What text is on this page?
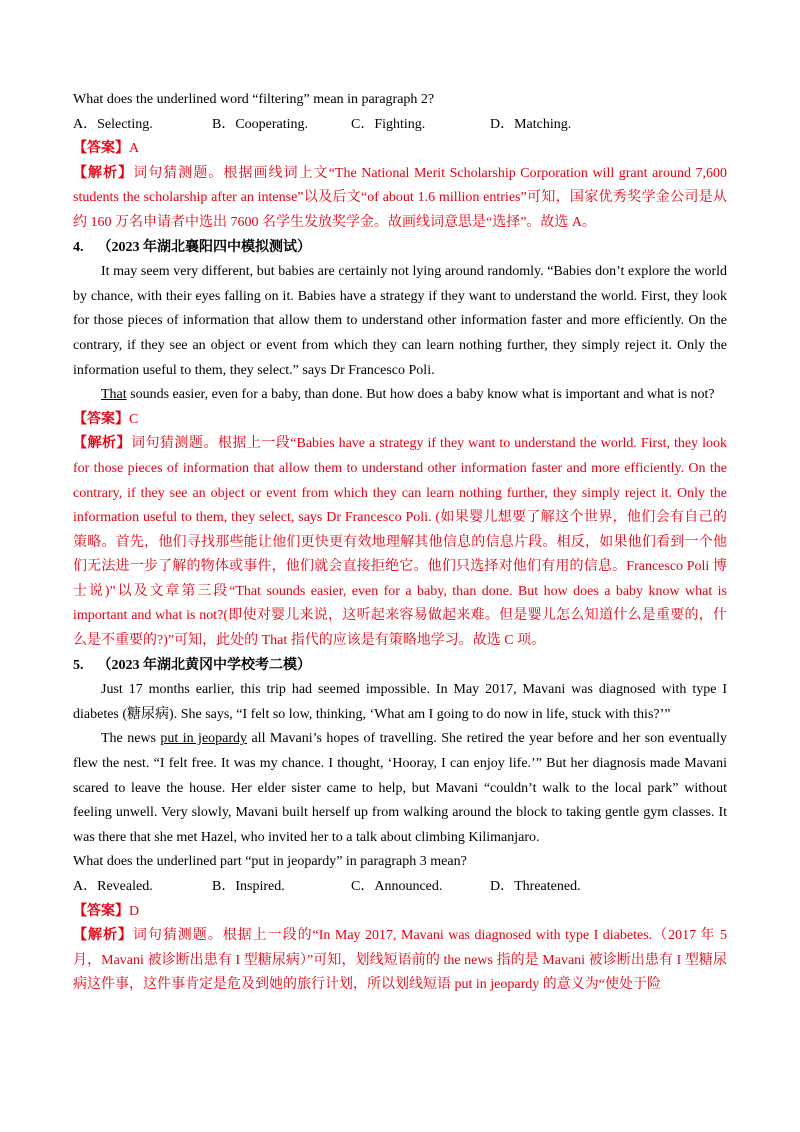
What does the underlined word “filtering” mean in paragraph 2?
A．Selecting.	B．Cooperating.	C．Fighting.	D．Matching.
【答案】A
【解析】词句猜测题。根据画线词上文“The National Merit Scholarship Corporation will grant around 7,600 students the scholarship after an intense”以及后文“of about 1.6 million entries”可知，国家优秀奖学金公司是从约 160 万名申请者中选出 7600 名学生发放奖学金。故画线词意思是“选择”。故选 A。
4. （2023 年湖北襄阳四中模拟测试）
It may seem very different, but babies are certainly not lying around randomly. “Babies don’t explore the world by chance, with their eyes falling on it. Babies have a strategy if they want to understand the world. First, they look for those pieces of information that allow them to understand other information faster and more efficiently. On the contrary, if they see an object or event from which they can learn nothing further, they simply reject it. Only the information useful to them, they select.” says Dr Francesco Poli.
That sounds easier, even for a baby, than done. But how does a baby know what is important and what is not?
【答案】C
【解析】词句猜测题。根据上一段“Babies have a strategy if they want to understand the world. First, they look for those pieces of information that allow them to understand other information faster and more efficiently. On the contrary, if they see an object or event from which they can learn nothing further, they simply reject it. Only the information useful to them, they select, says Dr Francesco Poli. (如果婴儿想要了解这个世界，他们会有自己的策略。首先，他们寻找那些能让他们更快更有效地理解其他信息的信息片段。相反，如果他们看到一个他们无法进一步了解的物体或事件，他们就会直接拒绝它。他们只选择对他们有用的信息。Francesco Poli 博士说)”以及文章第三段“That sounds easier, even for a baby, than done. But how does a baby know what is important and what is not?(即使对婴儿来说，这听起来容易做起来难。但是婴儿怎么知道什么是重要的，什么是不重要的?)”可知，此处的 That 指代的应该是有策略地学习。故选 C 项。
5. （2023 年湖北黄冈中学校考二模）
Just 17 months earlier, this trip had seemed impossible. In May 2017, Mavani was diagnosed with type I diabetes (糖尿病). She says, “I felt so low, thinking, ‘What am I going to do now in life, stuck with this?’”
The news put in jeopardy all Mavani’s hopes of travelling. She retired the year before and her son eventually flew the nest. “I felt free. It was my chance. I thought, ‘Hooray, I can enjoy life.’” But her diagnosis made Mavani scared to leave the house. Her elder sister came to help, but Mavani “couldn’t walk to the local park” without feeling unwell. Very slowly, Mavani built herself up from walking around the block to taking gentle gym classes. It was there that she met Hazel, who invited her to a talk about climbing Kilimanjaro.
What does the underlined part “put in jeopardy” in paragraph 3 mean?
A．Revealed.	B．Inspired.	C．Announced.	D．Threatened.
【答案】D
【解析】词句猜测题。根据上一段的“In May 2017, Mavani was diagnosed with type I diabetes.（2017 年 5 月，Mavani 被诊断出患有 I 型糖尿病）”可知，划线短语前的 the news 指的是 Mavani 被诊断出患有 I 型糖尿病这件事，这件事肯定是危及到她的旅行计划，所以划线短语 put in jeopardy 的意义为“使处于险
